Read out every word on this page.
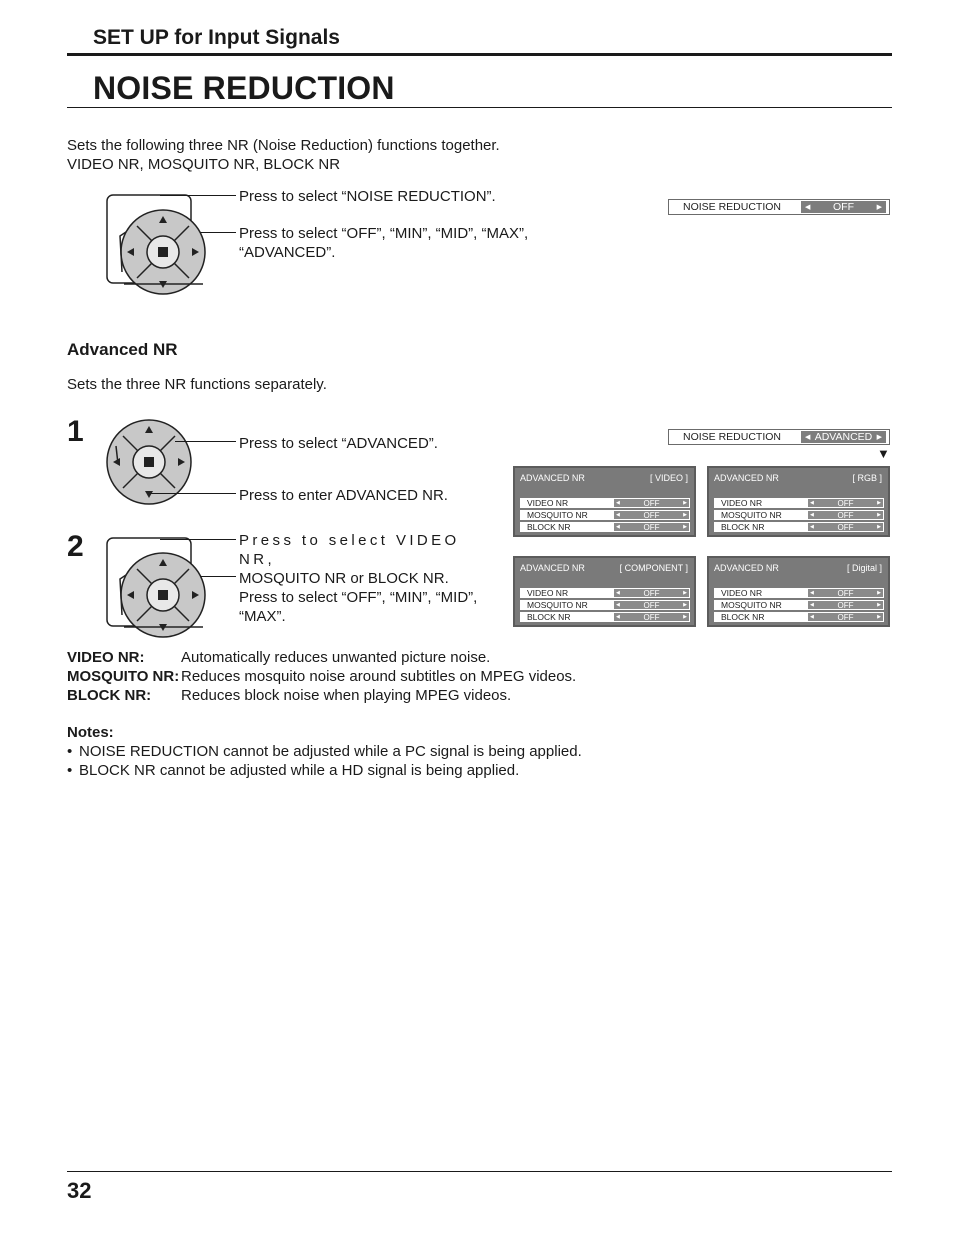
SET UP for Input Signals
NOISE REDUCTION
Sets the following three NR (Noise Reduction) functions together.
VIDEO NR, MOSQUITO NR, BLOCK NR
Press to select “NOISE REDUCTION”.
Press to select “OFF”, “MIN”, “MID”, “MAX”,
“ADVANCED”.
NOISE REDUCTION	◀ OFF	▶
Advanced NR
Sets the three NR functions separately.
1	Press to select “ADVANCED”.
Press to enter ADVANCED NR.
2	Press to select VIDEO NR,
MOSQUITO NR or BLOCK NR.
Press to select “OFF”, “MIN”, “MID”,
“MAX”.
NOISE REDUCTION	◀ ADVANCED ▶
▼
ADVANCED NR	[ VIDEO ]
VIDEO NR	◀	OFF	▶
MOSQUITO NR	◀	OFF	▶
BLOCK NR	◀	OFF	▶
ADVANCED NR	[ RGB ]
VIDEO NR	◀	OFF	▶
MOSQUITO NR	◀	OFF	▶
BLOCK NR	◀	OFF	▶
ADVANCED NR	[ COMPONENT ]
VIDEO NR	◀	OFF	▶
MOSQUITO NR	◀	OFF	▶
BLOCK NR	◀	OFF	▶
ADVANCED NR	[ Digital ]
VIDEO NR	◀	OFF	▶
MOSQUITO NR	◀	OFF	▶
BLOCK NR	◀	OFF	▶
VIDEO NR:	Automatically reduces unwanted picture noise.
MOSQUITO NR: Reduces mosquito noise around subtitles on MPEG videos.
BLOCK NR:	Reduces block noise when playing MPEG videos.
Notes:
• NOISE REDUCTION cannot be adjusted while a PC signal is being applied.
• BLOCK NR cannot be adjusted while a HD signal is being applied.
32
